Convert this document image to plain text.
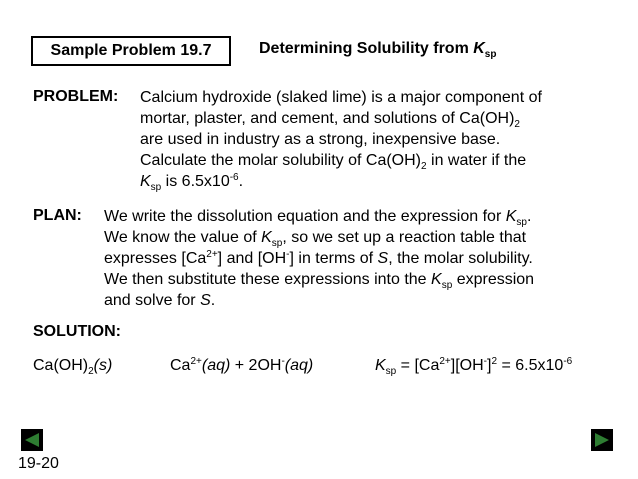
Sample Problem 19.7	Determining Solubility from $K_{sp}$
PROBLEM: Calcium hydroxide (slaked lime) is a major component of
mortar, plaster, and cement, and solutions of $Ca(OH)_2$
are used in industry as a strong, inexpensive base.
Calculate the molar solubility of $Ca(OH)_2$ in water if the
$K_{sp}$ is $6.5x10^{-6}$.
PLAN: We write the dissolution equation and the expression for $K_{sp}$.
We know the value of $K_{sp}$, so we set up a reaction table that
expresses $[Ca^{2+}]$ and [OH-] in terms of S, the molar solubility.
We then substitute these expressions into the $K_{sp}$ expression
and solve for S.
SOLUTION:
$Ca(OH)_2(s)$	$Ca^{2+}(aq) + 2OH^-(aq)$	$K_{sp} = [Ca^{2+}][OH^-]^2 = 6.5x10^{-6}$
19-20
